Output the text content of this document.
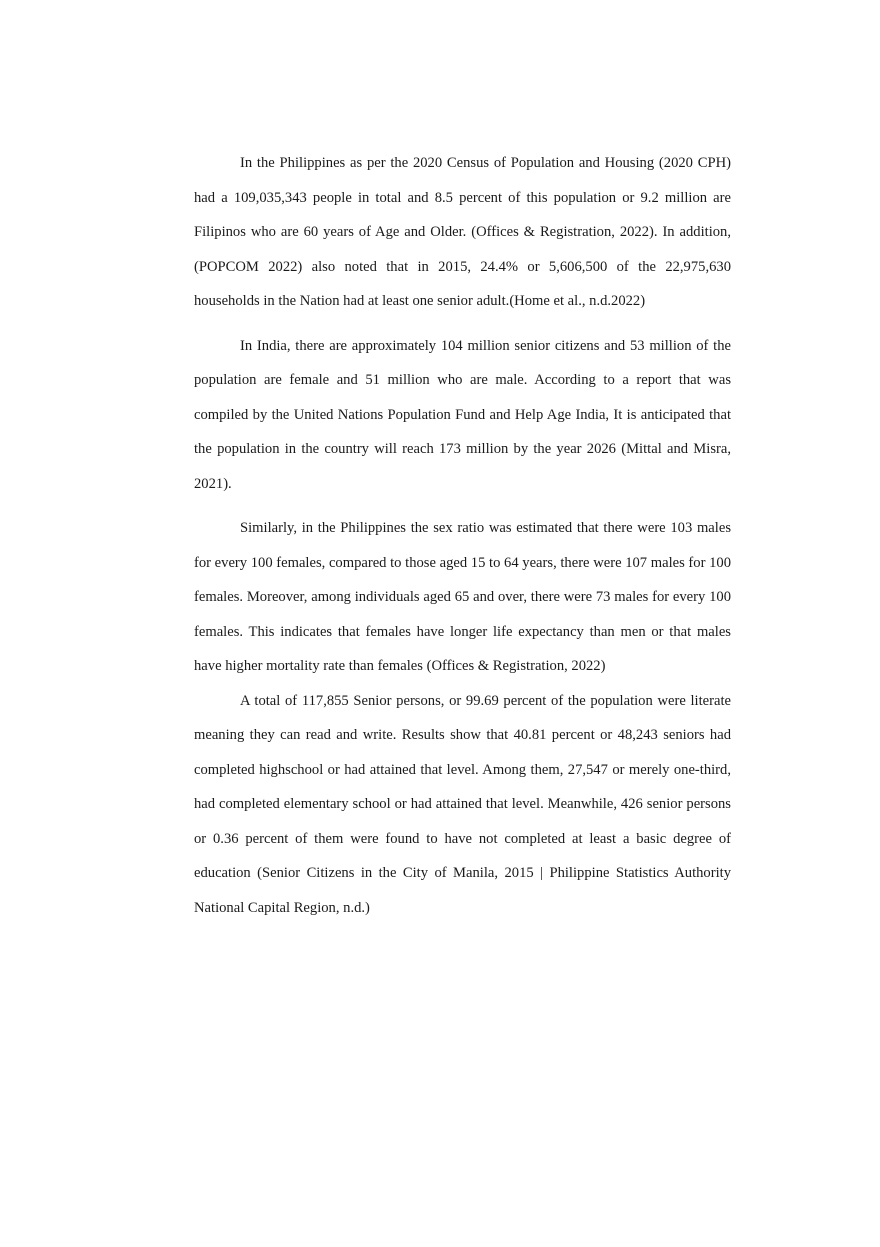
In the Philippines as per the 2020 Census of Population and Housing (2020 CPH) had a 109,035,343 people in total and 8.5 percent of this population or 9.2 million are Filipinos who are 60 years of Age and Older. (Offices & Registration, 2022). In addition, (POPCOM 2022) also noted that in 2015, 24.4% or 5,606,500 of the 22,975,630 households in the Nation had at least one senior adult.(Home et al., n.d.2022)

In India, there are approximately 104 million senior citizens and 53 million of the population are female and 51 million who are male. According to a report that was compiled by the United Nations Population Fund and Help Age India, It is anticipated that the population in the country will reach 173 million by the year 2026 (Mittal and Misra, 2021).

Similarly, in the Philippines the sex ratio was estimated that there were 103 males for every 100 females, compared to those aged 15 to 64 years, there were 107 males for 100 females. Moreover, among individuals aged 65 and over, there were 73 males for every 100 females. This indicates that females have longer life expectancy than men or that males have higher mortality rate than females (Offices & Registration, 2022)

A total of 117,855 Senior persons, or 99.69 percent of the population were literate meaning they can read and write. Results show that 40.81 percent or 48,243 seniors had completed highschool or had attained that level. Among them, 27,547 or merely one-third, had completed elementary school or had attained that level. Meanwhile, 426 senior persons or 0.36 percent of them were found to have not completed at least a basic degree of education (Senior Citizens in the City of Manila, 2015 | Philippine Statistics Authority National Capital Region, n.d.)
